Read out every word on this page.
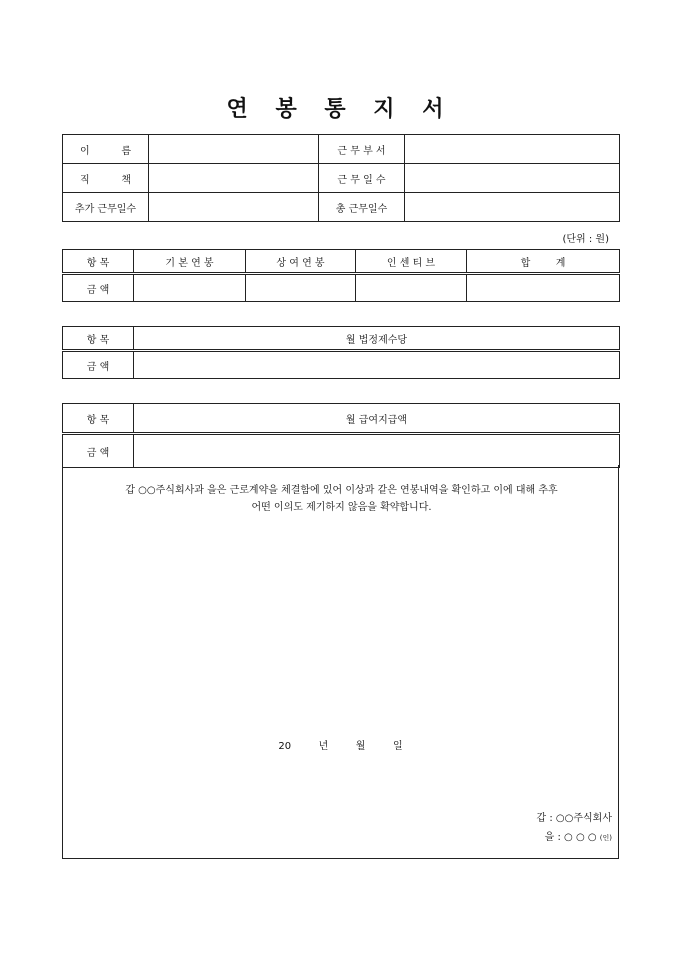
연 봉 통 지 서
이          름		근 무 부 서	
직          책		근 무 일 수	
추가 근무일수		총 근무일수	
(단위 : 원)
항 목	기 본 연 봉	상 여 연 봉	인 센 티 브	합        계
금 액				
항 목	월 법정제수당
금 액	
항 목	월 급여지급액
금 액	
갑 ○○주식회사과 을은 근로계약을 체결함에 있어 이상과 같은 연봉내역을 확인하고 이에 대해 추후
어떤 이의도 제기하지 않음을 확약합니다.
20   년   월   일
갑 : ○○주식회사
을 : ○ ○ ○ (인)
